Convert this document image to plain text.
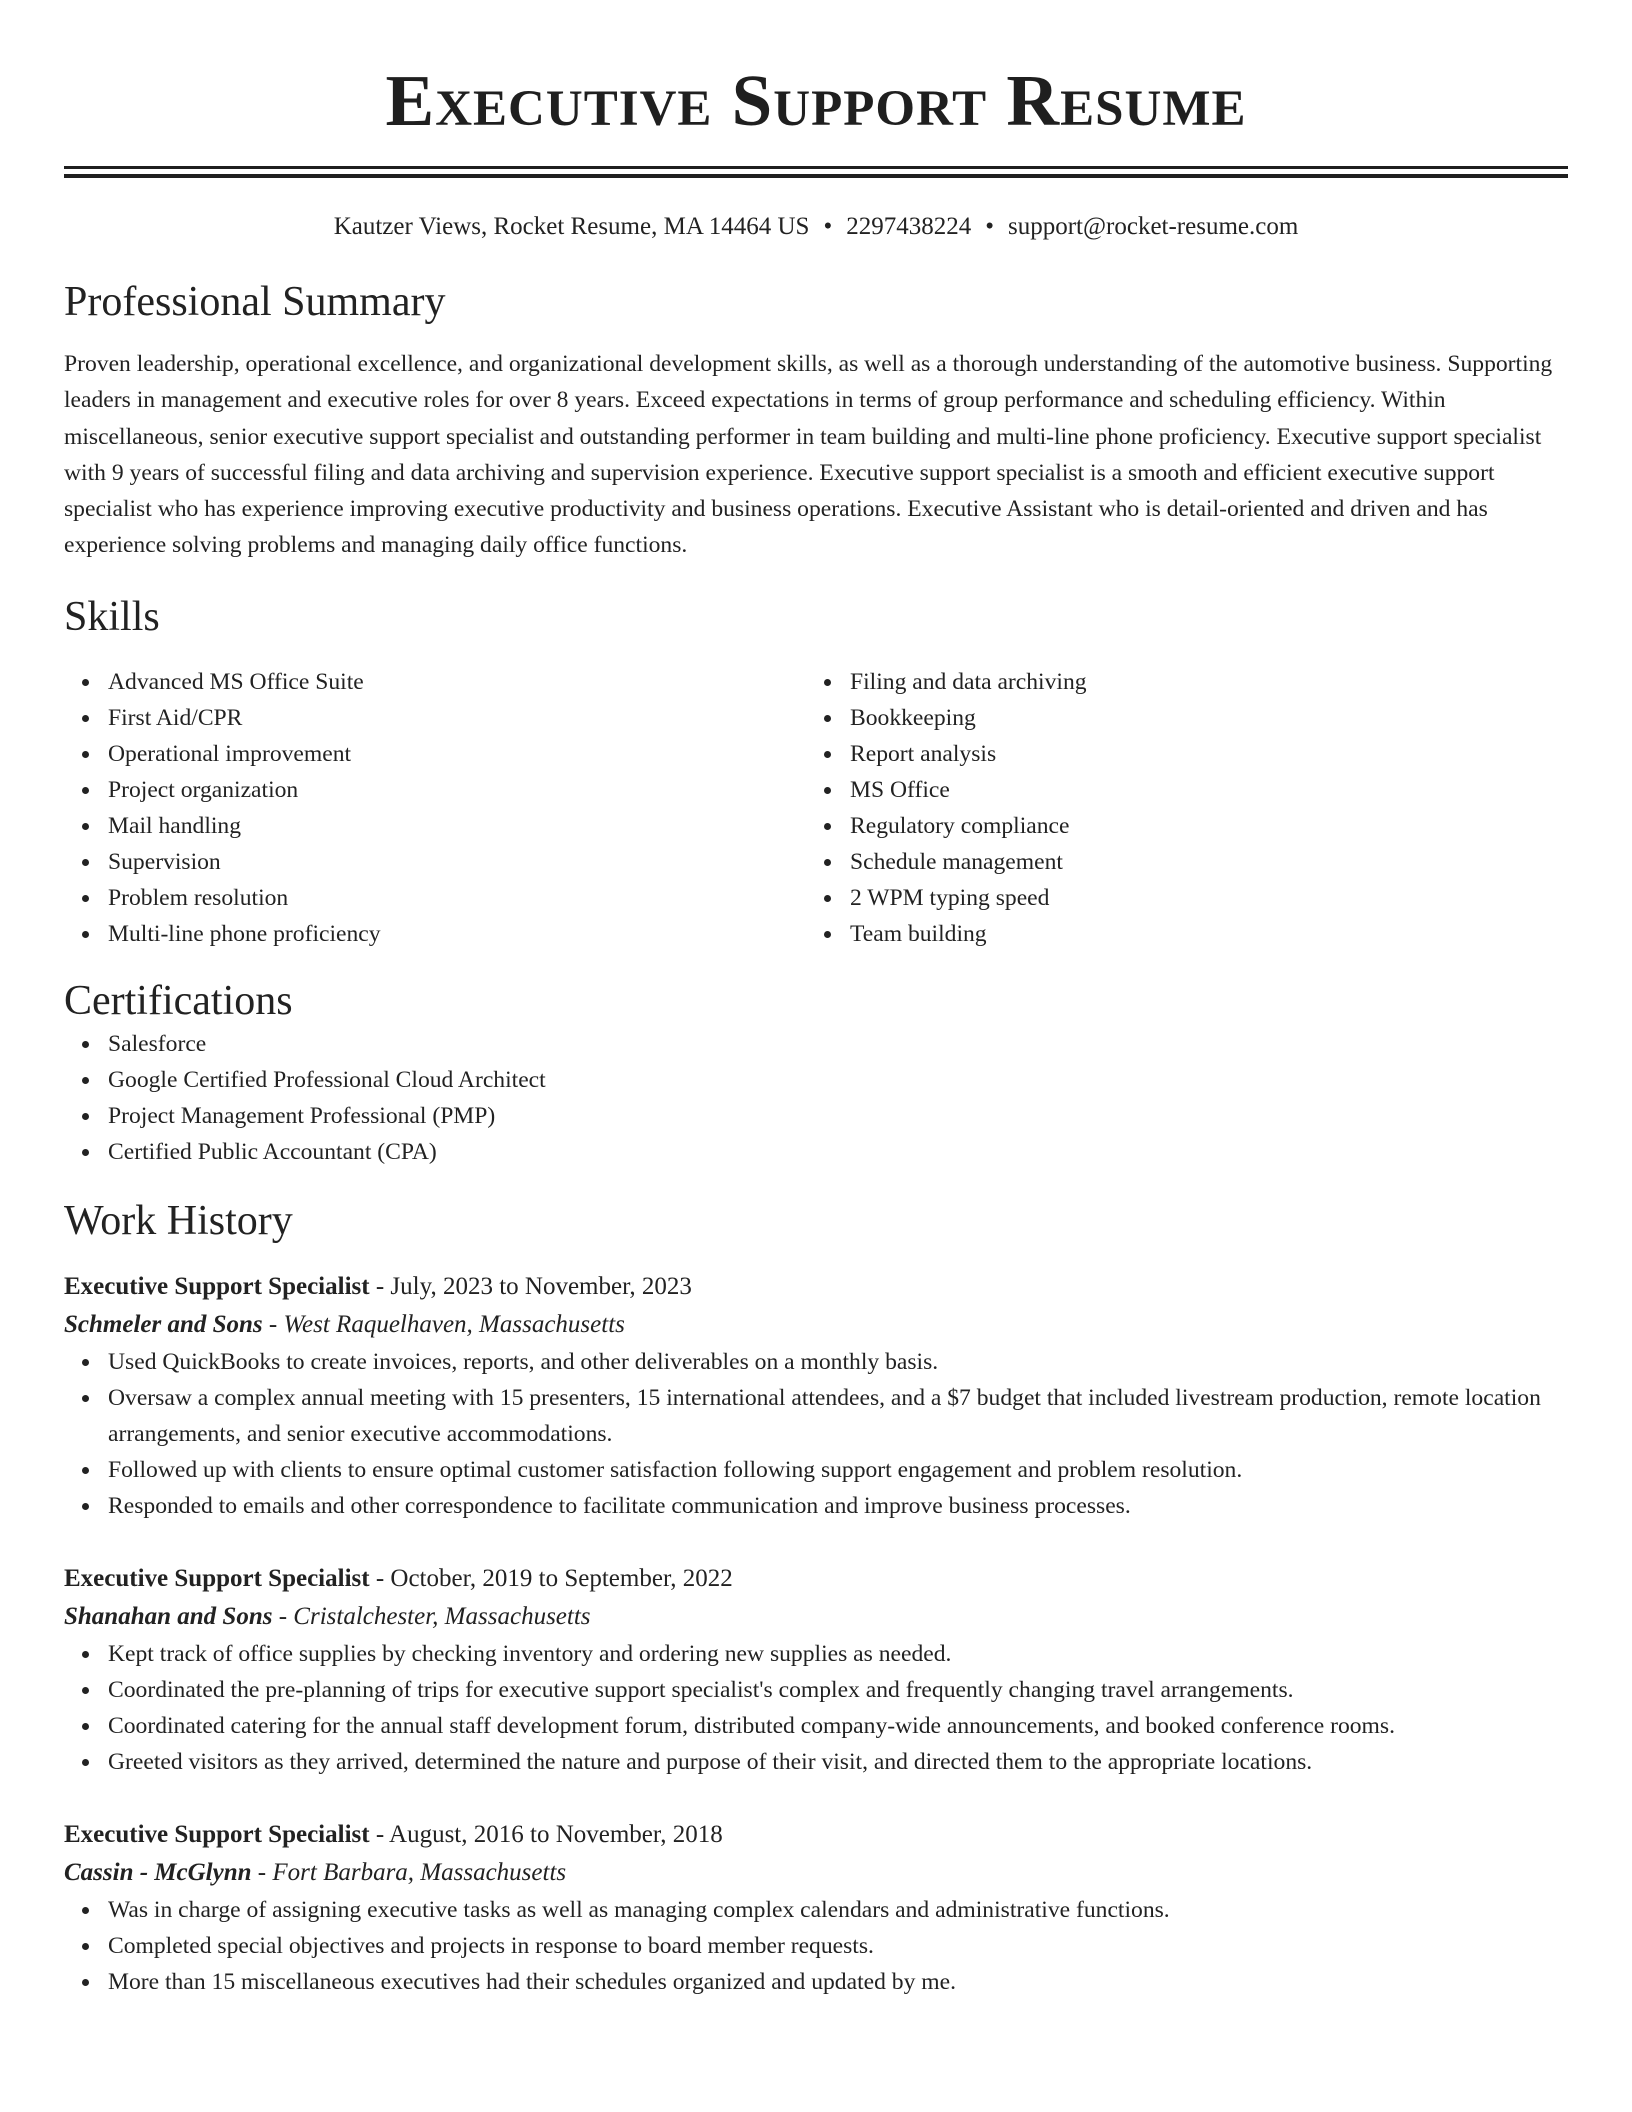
Executive Support Resume
Kautzer Views, Rocket Resume, MA 14464 US • 2297438224 • support@rocket-resume.com
Professional Summary
Proven leadership, operational excellence, and organizational development skills, as well as a thorough understanding of the automotive business. Supporting leaders in management and executive roles for over 8 years. Exceed expectations in terms of group performance and scheduling efficiency. Within miscellaneous, senior executive support specialist and outstanding performer in team building and multi-line phone proficiency. Executive support specialist with 9 years of successful filing and data archiving and supervision experience. Executive support specialist is a smooth and efficient executive support specialist who has experience improving executive productivity and business operations. Executive Assistant who is detail-oriented and driven and has experience solving problems and managing daily office functions.
Skills
Advanced MS Office Suite
First Aid/CPR
Operational improvement
Project organization
Mail handling
Supervision
Problem resolution
Multi-line phone proficiency
Filing and data archiving
Bookkeeping
Report analysis
MS Office
Regulatory compliance
Schedule management
2 WPM typing speed
Team building
Certifications
Salesforce
Google Certified Professional Cloud Architect
Project Management Professional (PMP)
Certified Public Accountant (CPA)
Work History
Executive Support Specialist - July, 2023 to November, 2023
Schmeler and Sons - West Raquelhaven, Massachusetts
Used QuickBooks to create invoices, reports, and other deliverables on a monthly basis.
Oversaw a complex annual meeting with 15 presenters, 15 international attendees, and a $7 budget that included livestream production, remote location arrangements, and senior executive accommodations.
Followed up with clients to ensure optimal customer satisfaction following support engagement and problem resolution.
Responded to emails and other correspondence to facilitate communication and improve business processes.
Executive Support Specialist - October, 2019 to September, 2022
Shanahan and Sons - Cristalchester, Massachusetts
Kept track of office supplies by checking inventory and ordering new supplies as needed.
Coordinated the pre-planning of trips for executive support specialist's complex and frequently changing travel arrangements.
Coordinated catering for the annual staff development forum, distributed company-wide announcements, and booked conference rooms.
Greeted visitors as they arrived, determined the nature and purpose of their visit, and directed them to the appropriate locations.
Executive Support Specialist - August, 2016 to November, 2018
Cassin - McGlynn - Fort Barbara, Massachusetts
Was in charge of assigning executive tasks as well as managing complex calendars and administrative functions.
Completed special objectives and projects in response to board member requests.
More than 15 miscellaneous executives had their schedules organized and updated by me.
